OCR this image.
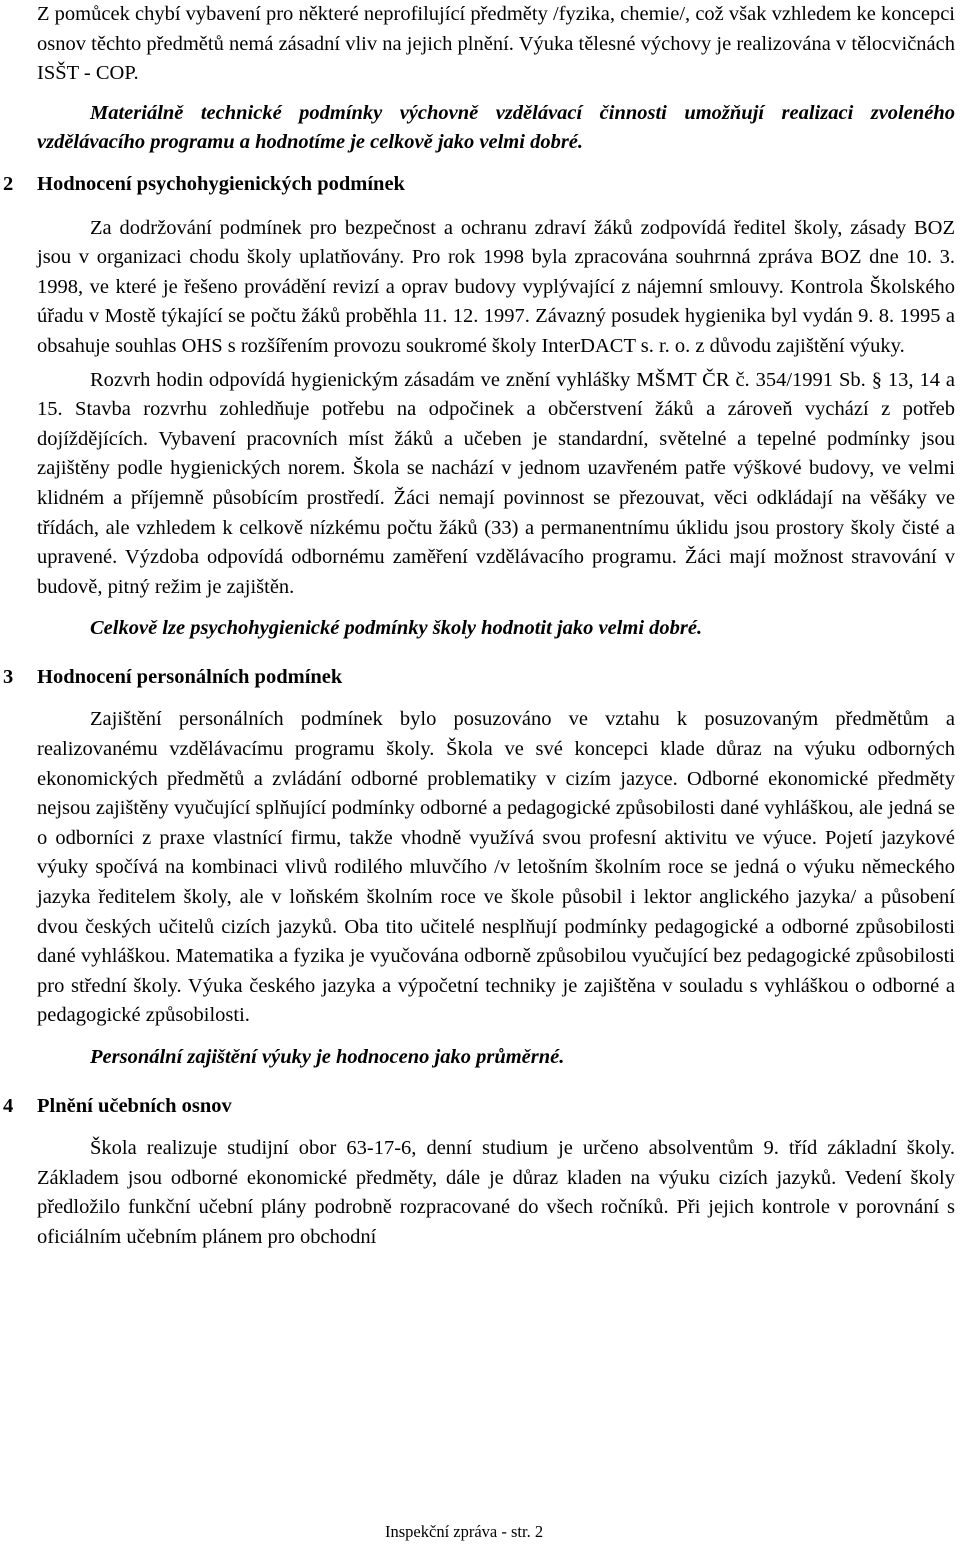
Z pomůcek chybí vybavení pro některé neprofilující předměty /fyzika, chemie/, což však vzhledem ke koncepci osnov těchto předmětů nemá zásadní vliv na jejich plnění. Výuka tělesné výchovy je realizována v tělocvičnách ISŠT - COP.

Materiálně technické podmínky výchovně vzdělávací činnosti umožňují realizaci zvoleného vzdělávacího programu a hodnotíme je celkově jako velmi dobré.

2 Hodnocení psychohygienických podmínek

Za dodržování podmínek pro bezpečnost a ochranu zdraví žáků zodpovídá ředitel školy, zásady BOZ jsou v organizaci chodu školy uplatňovány. Pro rok 1998 byla zpracována souhrnná zpráva BOZ dne 10. 3. 1998, ve které je řešeno provádění revizí a oprav budovy vyplývající z nájemní smlouvy. Kontrola Školského úřadu v Mostě týkající se počtu žáků proběhla 11. 12. 1997. Závazný posudek hygienika byl vydán 9. 8. 1995 a obsahuje souhlas OHS s rozšířením provozu soukromé školy InterDACT s. r. o. z důvodu zajištění výuky.

Rozvrh hodin odpovídá hygienickým zásadám ve znění vyhlášky MŠMT ČR č. 354/1991 Sb. § 13, 14 a 15. Stavba rozvrhu zohledňuje potřebu na odpočinek a občerstvení žáků a zároveň vychází z potřeb dojíždějících. Vybavení pracovních míst žáků a učeben je standardní, světelné a tepelné podmínky jsou zajištěny podle hygienických norem. Škola se nachází v jednom uzavřeném patře výškové budovy, ve velmi klidném a příjemně působícím prostředí. Žáci nemají povinnost se přezouvat, věci odkládají na věšáky ve třídách, ale vzhledem k celkově nízkému počtu žáků (33) a permanentnímu úklidu jsou prostory školy čisté a upravené. Výzdoba odpovídá odbornému zaměření vzdělávacího programu. Žáci mají možnost stravování v budově, pitný režim je zajištěn.

Celkově lze psychohygienické podmínky školy hodnotit jako velmi dobré.

3 Hodnocení personálních podmínek

Zajištění personálních podmínek bylo posuzováno ve vztahu k posuzovaným předmětům a realizovanému vzdělávacímu programu školy. Škola ve své koncepci klade důraz na výuku odborných ekonomických předmětů a zvládání odborné problematiky v cizím jazyce. Odborné ekonomické předměty nejsou zajištěny vyučující splňující podmínky odborné a pedagogické způsobilosti dané vyhláškou, ale jedná se o odborníci z praxe vlastnící firmu, takže vhodně využívá svou profesní aktivitu ve výuce. Pojetí jazykové výuky spočívá na kombinaci vlivů rodilého mluvčího /v letošním školním roce se jedná o výuku německého jazyka ředitelem školy, ale v loňském školním roce ve škole působil i lektor anglického jazyka/ a působení dvou českých učitelů cizích jazyků. Oba tito učitelé nesplňují podmínky pedagogické a odborné způsobilosti dané vyhláškou. Matematika a fyzika je vyučována odborně způsobilou vyučující bez pedagogické způsobilosti pro střední školy. Výuka českého jazyka a výpočetní techniky je zajištěna v souladu s vyhláškou o odborné a pedagogické způsobilosti.

Personální zajištění výuky je hodnoceno jako průměrné.

4 Plnění učebních osnov

Škola realizuje studijní obor 63-17-6, denní studium je určeno absolventům 9. tříd základní školy. Základem jsou odborné ekonomické předměty, dále je důraz kladen na výuku cizích jazyků. Vedení školy předložilo funkční učební plány podrobně rozpracované do všech ročníků. Při jejich kontrole v porovnání s oficiálním učebním plánem pro obchodní

Inspekční zpráva - str. 2
